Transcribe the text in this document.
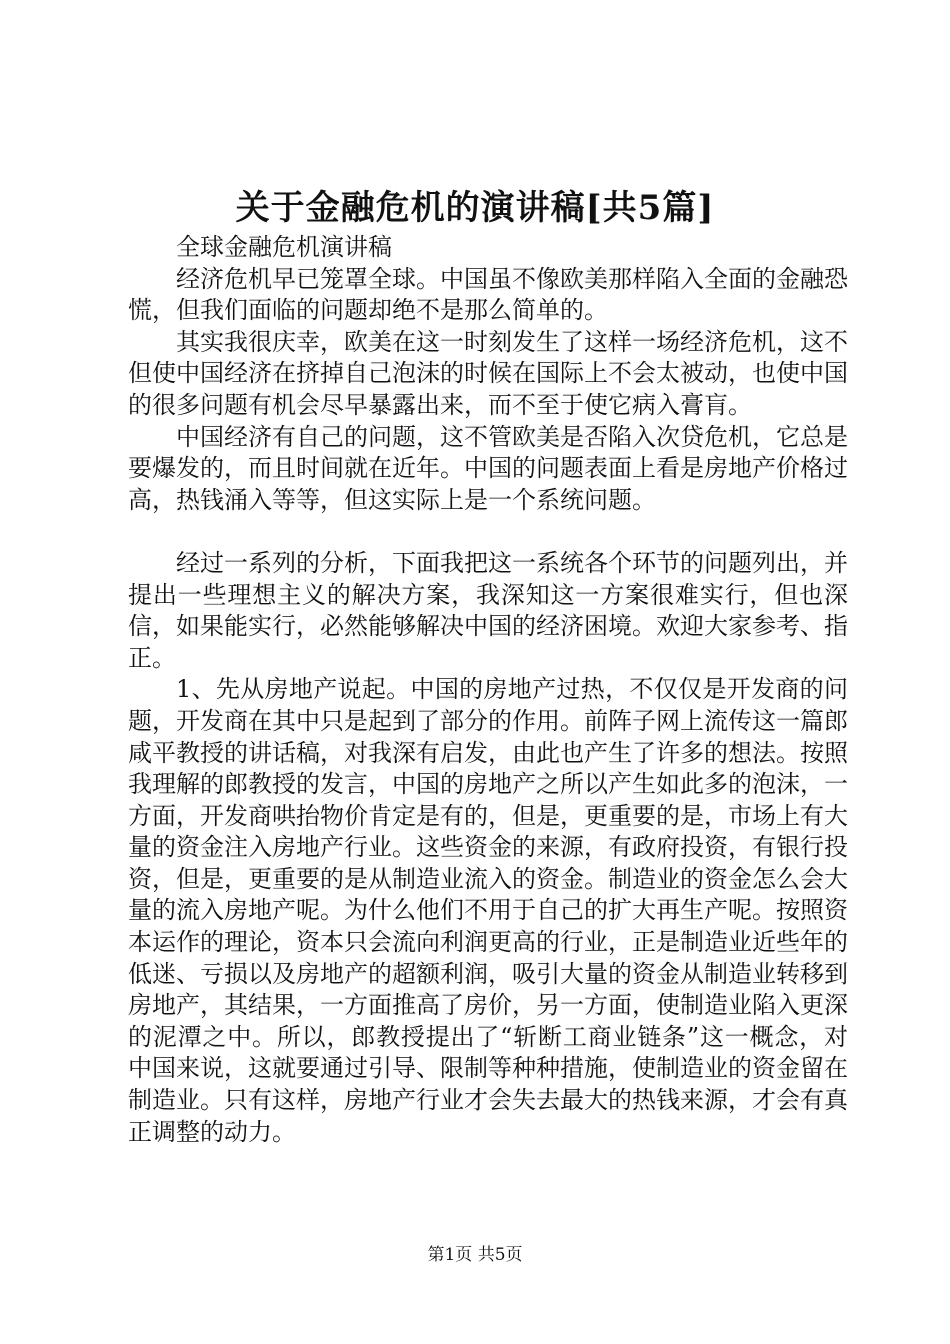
关于金融危机的演讲稿[共5篇]

全球金融危机演讲稿

经济危机早已笼罩全球。中国虽不像欧美那样陷入全面的金融恐慌，但我们面临的问题却绝不是那么简单的。

其实我很庆幸，欧美在这一时刻发生了这样一场经济危机，这不但使中国经济在挤掉自己泡沫的时候在国际上不会太被动，也使中国的很多问题有机会尽早暴露出来，而不至于使它病入膏肓。

中国经济有自己的问题，这不管欧美是否陷入次贷危机，它总是要爆发的，而且时间就在近年。中国的问题表面上看是房地产价格过高，热钱涌入等等，但这实际上是一个系统问题。

经过一系列的分析，下面我把这一系统各个环节的问题列出，并提出一些理想主义的解决方案，我深知这一方案很难实行，但也深信，如果能实行，必然能够解决中国的经济困境。欢迎大家参考、指正。

1、先从房地产说起。中国的房地产过热，不仅仅是开发商的问题，开发商在其中只是起到了部分的作用。前阵子网上流传这一篇郎咸平教授的讲话稿，对我深有启发，由此也产生了许多的想法。按照我理解的郎教授的发言，中国的房地产之所以产生如此多的泡沫，一方面，开发商哄抬物价肯定是有的，但是，更重要的是，市场上有大量的资金注入房地产行业。这些资金的来源，有政府投资，有银行投资，但是，更重要的是从制造业流入的资金。制造业的资金怎么会大量的流入房地产呢。为什么他们不用于自己的扩大再生产呢。按照资本运作的理论，资本只会流向利润更高的行业，正是制造业近些年的低迷、亏损以及房地产的超额利润，吸引大量的资金从制造业转移到房地产，其结果，一方面推高了房价，另一方面，使制造业陷入更深的泥潭之中。所以，郎教授提出了“斩断工商业链条”这一概念，对中国来说，这就要通过引导、限制等种种措施，使制造业的资金留在制造业。只有这样，房地产行业才会失去最大的热钱来源，才会有真正调整的动力。

第1页 共5页
